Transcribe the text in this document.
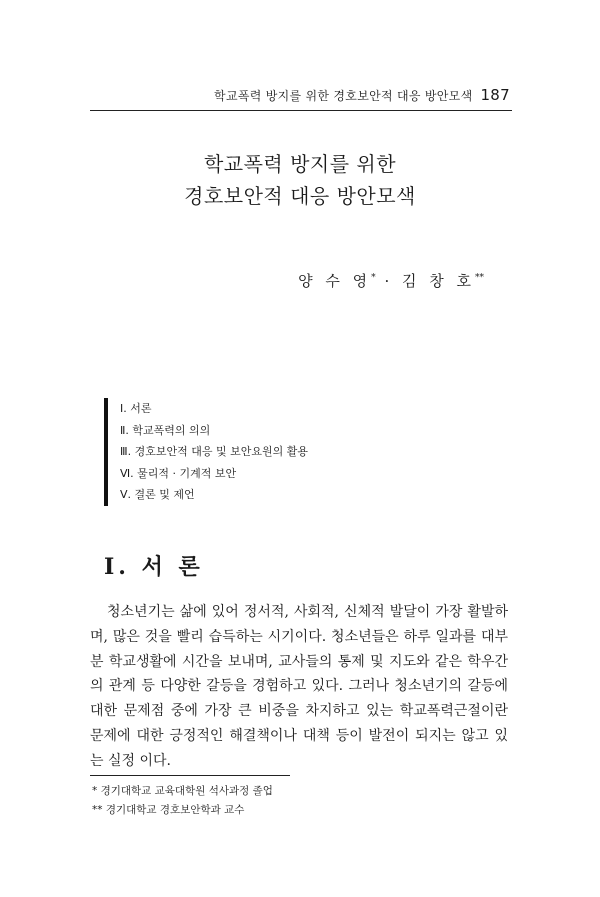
학교폭력 방지를 위한 경호보안적 대응 방안모색 187
학교폭력 방지를 위한
경호보안적 대응 방안모색
양 수 영* · 김 창 호**
Ⅰ. 서론
Ⅱ. 학교폭력의 의의
Ⅲ. 경호보안적 대응 및 보안요원의 활용
Ⅵ. 물리적 · 기계적 보안
Ⅴ. 결론 및 제언
Ⅰ. 서 론

청소년기는 삶에 있어 정서적, 사회적, 신체적 발달이 가장 활발하며, 많은 것을 빨리 습득하는 시기이다. 청소년들은 하루 일과를 대부분 학교생활에 시간을 보내며, 교사들의 통제 및 지도와 같은 학우간의 관계 등 다양한 갈등을 경험하고 있다. 그러나 청소년기의 갈등에 대한 문제점 중에 가장 큰 비중을 차지하고 있는 학교폭력근절이란 문제에 대한 긍정적인 해결책이나 대책 등이 발전이 되지는 않고 있는 실정 이다.

* 경기대학교 교육대학원 석사과정 졸업
** 경기대학교 경호보안학과 교수
